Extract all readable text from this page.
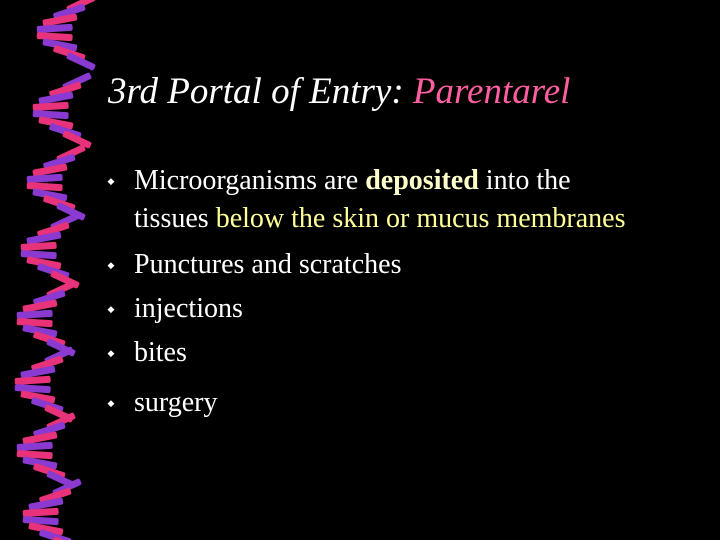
3rd Portal of Entry: Parentarel
◆ Microorganisms are deposited into the
tissues below the skin or mucus membranes
◆ Punctures and scratches
◆ injections
◆ bites
◆ surgery
